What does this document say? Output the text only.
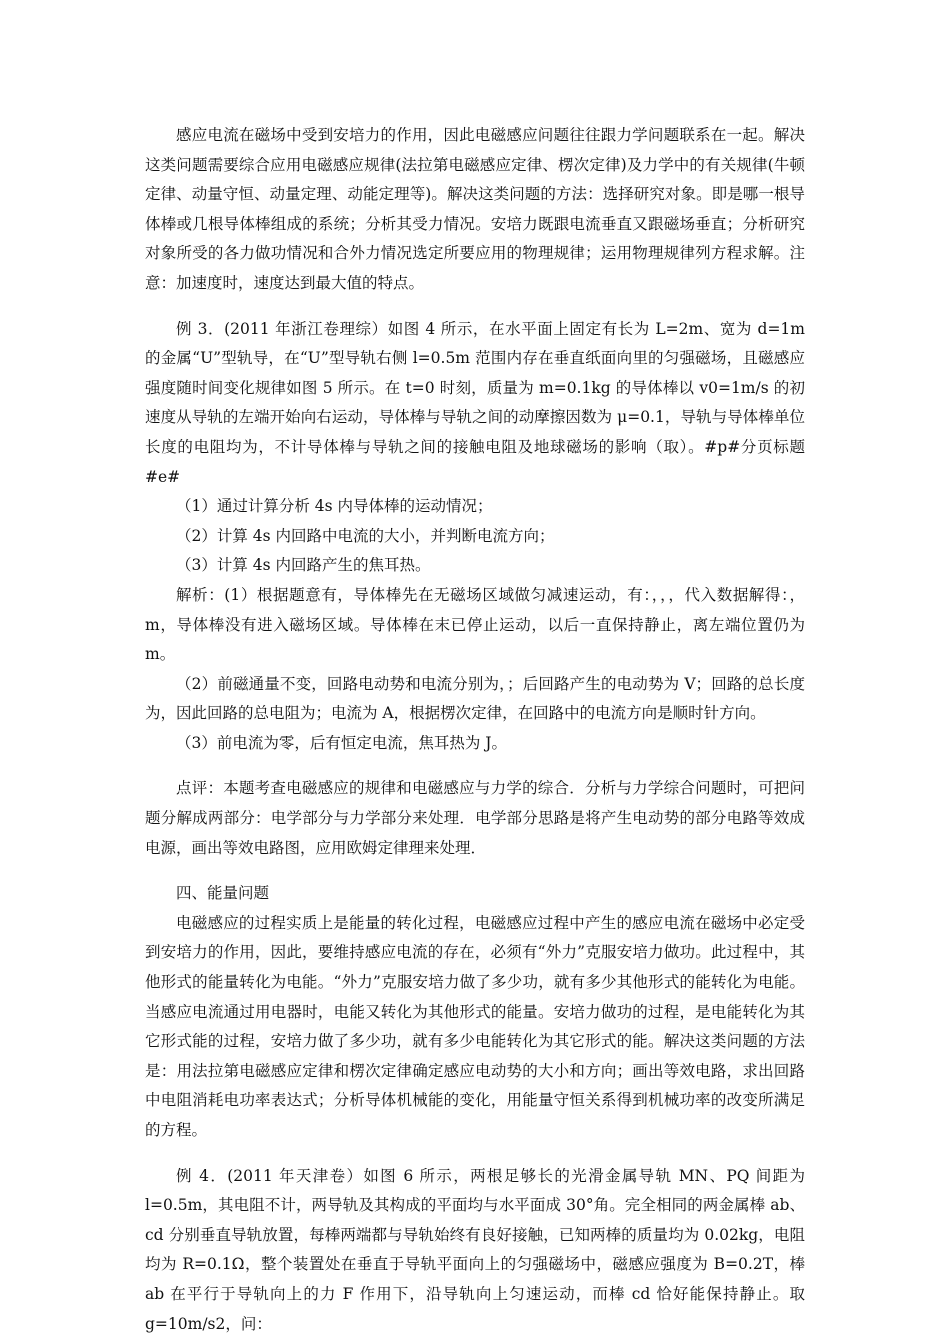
感应电流在磁场中受到安培力的作用，因此电磁感应问题往往跟力学问题联系在一起。解决这类问题需要综合应用电磁感应规律(法拉第电磁感应定律、楞次定律)及力学中的有关规律(牛顿定律、动量守恒、动量定理、动能定理等)。解决这类问题的方法：选择研究对象。即是哪一根导体棒或几根导体棒组成的系统；分析其受力情况。安培力既跟电流垂直又跟磁场垂直；分析研究对象所受的各力做功情况和合外力情况选定所要应用的物理规律；运用物理规律列方程求解。注意：加速度时，速度达到最大值的特点。

例 3．(2011 年浙江卷理综）如图 4 所示，在水平面上固定有长为 L=2m、宽为 d=1m 的金属“U”型轨导，在“U”型导轨右侧 l=0.5m 范围内存在垂直纸面向里的匀强磁场，且磁感应强度随时间变化规律如图 5 所示。在 t=0 时刻，质量为 m=0.1kg 的导体棒以 v0=1m/s 的初速度从导轨的左端开始向右运动，导体棒与导轨之间的动摩擦因数为 μ=0.1，导轨与导体棒单位长度的电阻均为，不计导体棒与导轨之间的接触电阻及地球磁场的影响（取）。#p#分页标题#e#

（1）通过计算分析 4s 内导体棒的运动情况；

（2）计算 4s 内回路中电流的大小，并判断电流方向；

（3）计算 4s 内回路产生的焦耳热。

解析：(1）根据题意有，导体棒先在无磁场区域做匀减速运动，有：，，，代入数据解得：，m，导体棒没有进入磁场区域。导体棒在末已停止运动，以后一直保持静止，离左端位置仍为 m。

（2）前磁通量不变，回路电动势和电流分别为，；后回路产生的电动势为 V；回路的总长度为，因此回路的总电阻为；电流为 A，根据楞次定律，在回路中的电流方向是顺时针方向。

（3）前电流为零，后有恒定电流，焦耳热为 J。

点评：本题考查电磁感应的规律和电磁感应与力学的综合．分析与力学综合问题时，可把问题分解成两部分：电学部分与力学部分来处理．电学部分思路是将产生电动势的部分电路等效成电源，画出等效电路图，应用欧姆定律理来处理．

四、能量问题

电磁感应的过程实质上是能量的转化过程，电磁感应过程中产生的感应电流在磁场中必定受到安培力的作用，因此，要维持感应电流的存在，必须有“外力”克服安培力做功。此过程中，其他形式的能量转化为电能。“外力”克服安培力做了多少功，就有多少其他形式的能转化为电能。当感应电流通过用电器时，电能又转化为其他形式的能量。安培力做功的过程，是电能转化为其它形式能的过程，安培力做了多少功，就有多少电能转化为其它形式的能。解决这类问题的方法是：用法拉第电磁感应定律和楞次定律确定感应电动势的大小和方向；画出等效电路，求出回路中电阻消耗电功率表达式；分析导体机械能的变化，用能量守恒关系得到机械功率的改变所满足的方程。

例 4．(2011 年天津卷）如图 6 所示，两根足够长的光滑金属导轨 MN、PQ 间距为 l=0.5m，其电阻不计，两导轨及其构成的平面均与水平面成 30°角。完全相同的两金属棒 ab、cd 分别垂直导轨放置，每棒两端都与导轨始终有良好接触，已知两棒的质量均为 0.02kg，电阻均为 R=0.1Ω，整个装置处在垂直于导轨平面向上的匀强磁场中，磁感应强度为 B=0.2T，棒 ab 在平行于导轨向上的力 F 作用下，沿导轨向上匀速运动，而棒 cd 恰好能保持静止。取 g=10m/s2，问：
